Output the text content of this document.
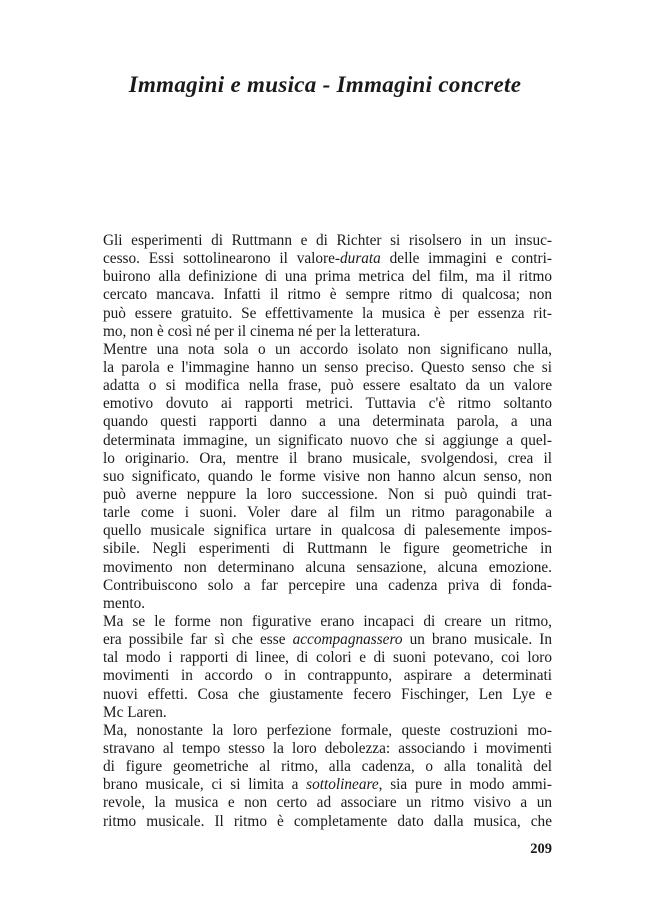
Immagini e musica - Immagini concrete
Gli esperimenti di Ruttmann e di Richter si risolsero in un insuc-
cesso. Essi sottolinearono il valore-durata delle immagini e contri-
buirono alla definizione di una prima metrica del film, ma il ritmo
cercato mancava. Infatti il ritmo è sempre ritmo di qualcosa; non
può essere gratuito. Se effettivamente la musica è per essenza rit-
mo, non è così né per il cinema né per la letteratura.
Mentre una nota sola o un accordo isolato non significano nulla,
la parola e l'immagine hanno un senso preciso. Questo senso che si
adatta o si modifica nella frase, può essere esaltato da un valore
emotivo dovuto ai rapporti metrici. Tuttavia c'è ritmo soltanto
quando questi rapporti danno a una determinata parola, a una
determinata immagine, un significato nuovo che si aggiunge a quel-
lo originario. Ora, mentre il brano musicale, svolgendosi, crea il
suo significato, quando le forme visive non hanno alcun senso, non
può averne neppure la loro successione. Non si può quindi trat-
tarle come i suoni. Voler dare al film un ritmo paragonabile a
quello musicale significa urtare in qualcosa di palesemente impos-
sibile. Negli esperimenti di Ruttmann le figure geometriche in
movimento non determinano alcuna sensazione, alcuna emozione.
Contribuiscono solo a far percepire una cadenza priva di fonda-
mento.
Ma se le forme non figurative erano incapaci di creare un ritmo,
era possibile far sì che esse accompagnassero un brano musicale. In
tal modo i rapporti di linee, di colori e di suoni potevano, coi loro
movimenti in accordo o in contrappunto, aspirare a determinati
nuovi effetti. Cosa che giustamente fecero Fischinger, Len Lye e
Mc Laren.
Ma, nonostante la loro perfezione formale, queste costruzioni mo-
stravano al tempo stesso la loro debolezza: associando i movimenti
di figure geometriche al ritmo, alla cadenza, o alla tonalità del
brano musicale, ci si limita a sottolineare, sia pure in modo ammi-
revole, la musica e non certo ad associare un ritmo visivo a un
ritmo musicale. Il ritmo è completamente dato dalla musica, che
209
